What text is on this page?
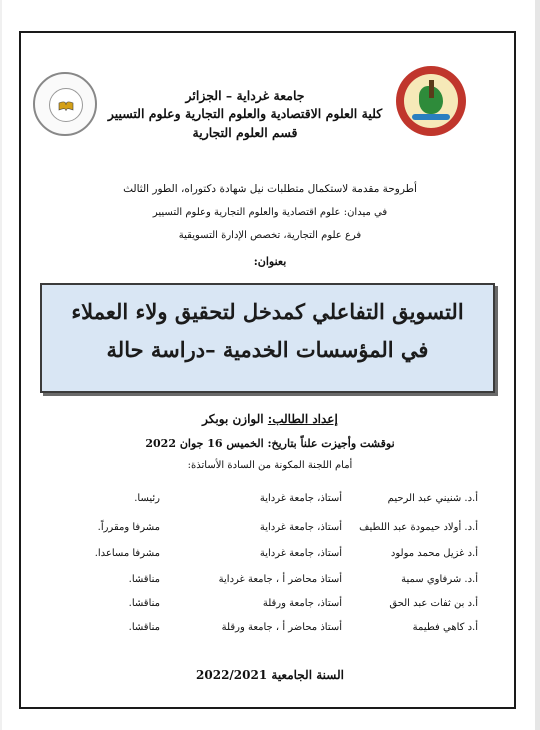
جامعة غرداية – الجزائر
كلية العلوم الاقتصادية والعلوم التجارية وعلوم التسيير
قسم العلوم التجارية
أطروحة مقدمة لاستكمال متطلبات نيل شهادة دكتوراه، الطور الثالث
في ميدان: علوم اقتصادية والعلوم التجارية وعلوم التسيير
فرع علوم التجارية، تخصص الإدارة التسويقية
بعنوان:
التسويق التفاعلي كمدخل لتحقيق ولاء العملاء
في المؤسسات الخدمية –دراسة حالة
إعداد الطالب: الوازن بوبكر
نوقشت وأجيزت علناً بتاريخ: الخميس 16 جوان 2022
أمام اللجنة المكونة من السادة الأساتذة:
أ.د. شنيني عبد الرحيم
أستاذ، جامعة غرداية
رئيسا.
أ.د. أولاد حيمودة عبد اللطيف
أستاذ، جامعة غرداية
مشرفا ومقرراً.
أ.د غزيل محمد مولود
أستاذ، جامعة غرداية
مشرفا مساعدا.
أ.د. شرفاوي سمية
أستاذ محاضر أ ، جامعة غرداية
مناقشا.
أ.د بن ثفات عبد الحق
أستاذ، جامعة ورقلة
مناقشا.
أ.د كاهي فطيمة
أستاذ محاضر أ ، جامعة ورقلة
مناقشا.
السنة الجامعية 2022/2021
